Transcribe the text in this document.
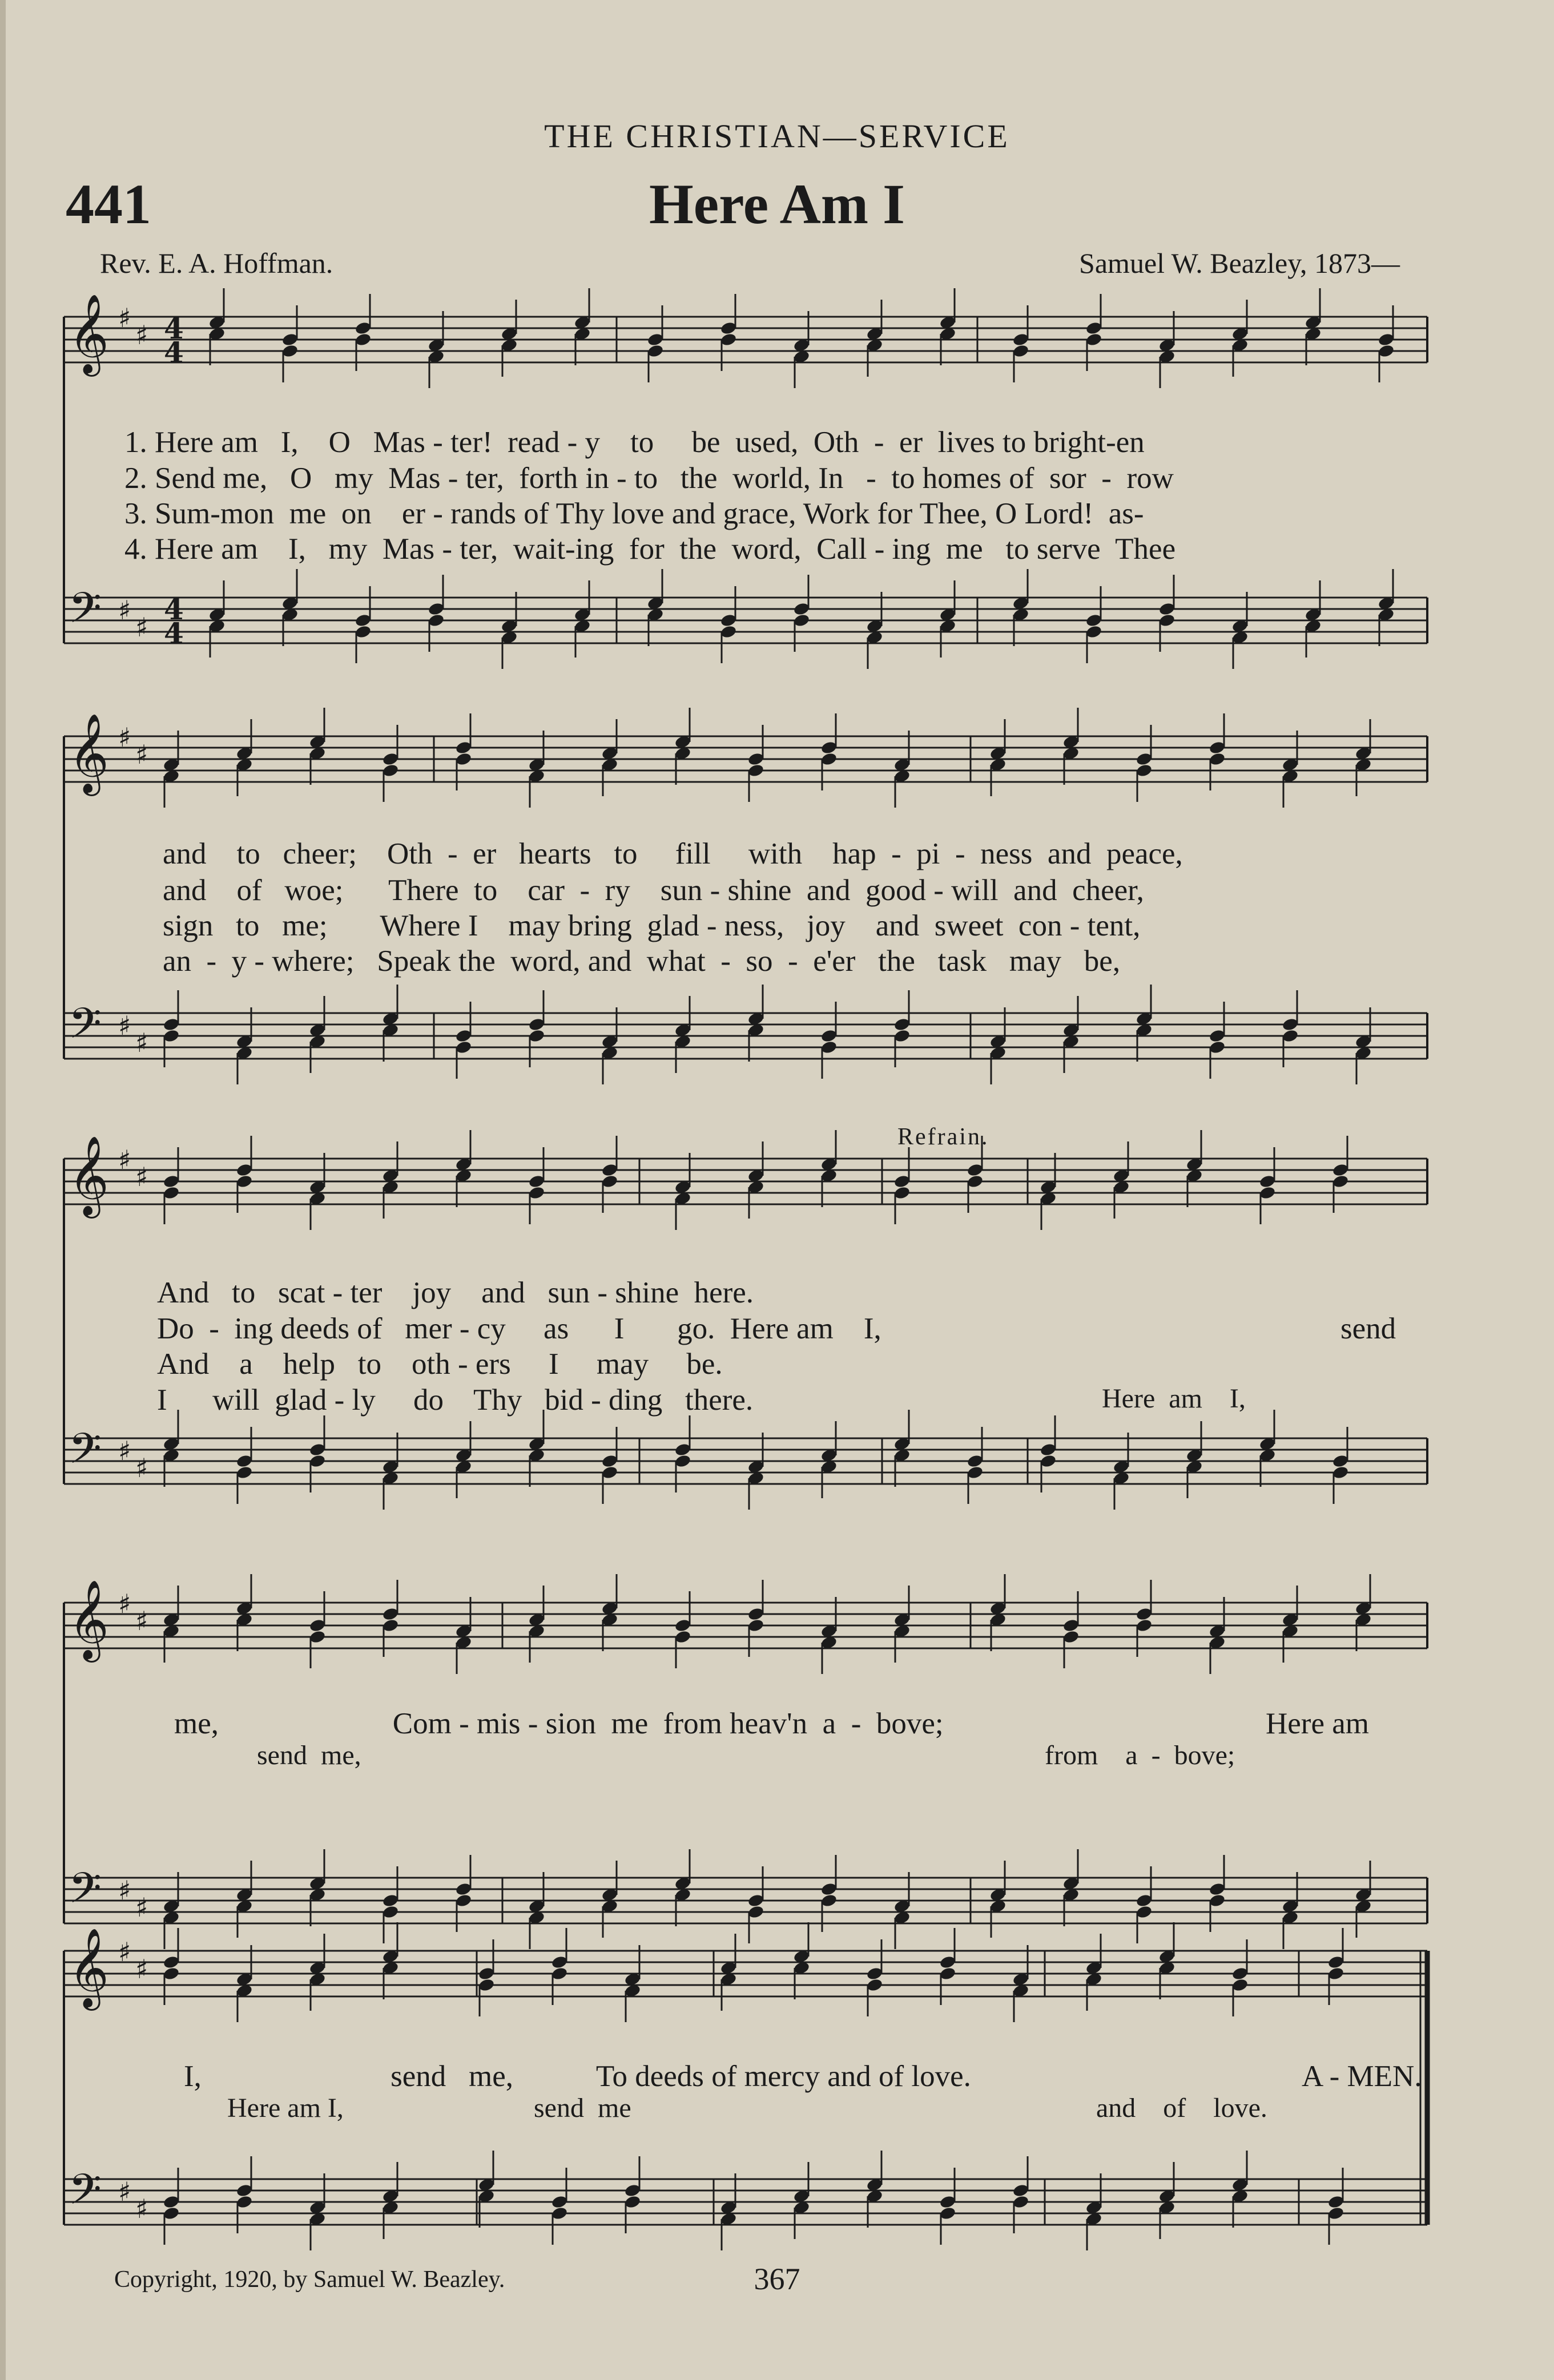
THE CHRISTIAN—SERVICE
441	Here Am I
Rev. E. A. Hoffman.	Samuel W. Beazley, 1873—
𝄞 ♯
♯ 4
4
𝄢 ♯
♯
4
4
𝄞 ♯
♯
𝄢 ♯
♯
𝄞 ♯
♯
𝄢 ♯
♯
𝄞 ♯
♯
𝄢 ♯
♯
𝄞 ♯
♯
𝄢 ♯
♯
1. Here am   I,    O   Mas - ter!  read - y    to     be  used,  Oth  -  er  lives to bright-en
2. Send me,   O   my  Mas - ter,  forth in - to   the  world, In   -  to homes of  sor  -  row
3. Sum-mon  me  on    er - rands of Thy love and grace, Work for Thee, O Lord!  as-
4. Here am    I,   my  Mas - ter,  wait-ing  for  the  word,  Call - ing  me   to serve  Thee
and    to   cheer;    Oth  -  er   hearts   to     fill     with    hap  -  pi  -  ness  and  peace,
and    of   woe;      There  to    car  -  ry    sun - shine  and  good - will  and  cheer,
sign   to   me;       Where I    may bring  glad - ness,   joy    and  sweet  con - tent,
an  -  y - where;   Speak the  word, and  what  -  so  -  e'er   the   task   may   be,
Refrain.
And   to   scat - ter    joy    and   sun - shine  here.
Do  -  ing deeds of   mer - cy     as      I       go.  Here am    I,	send
And    a    help   to    oth - ers     I     may     be.
I      will  glad - ly     do    Thy   bid - ding   there.	Here  am    I,
me,                       Com - mis - sion  me  from heav'n  a  -  bove;	Here am
send  me,	from    a  -  bove;
I,                         send   me,           To deeds of mercy and of love.	A - MEN.
Here am I,	send  me	and    of    love.
Copyright, 1920, by Samuel W. Beazley.	367
